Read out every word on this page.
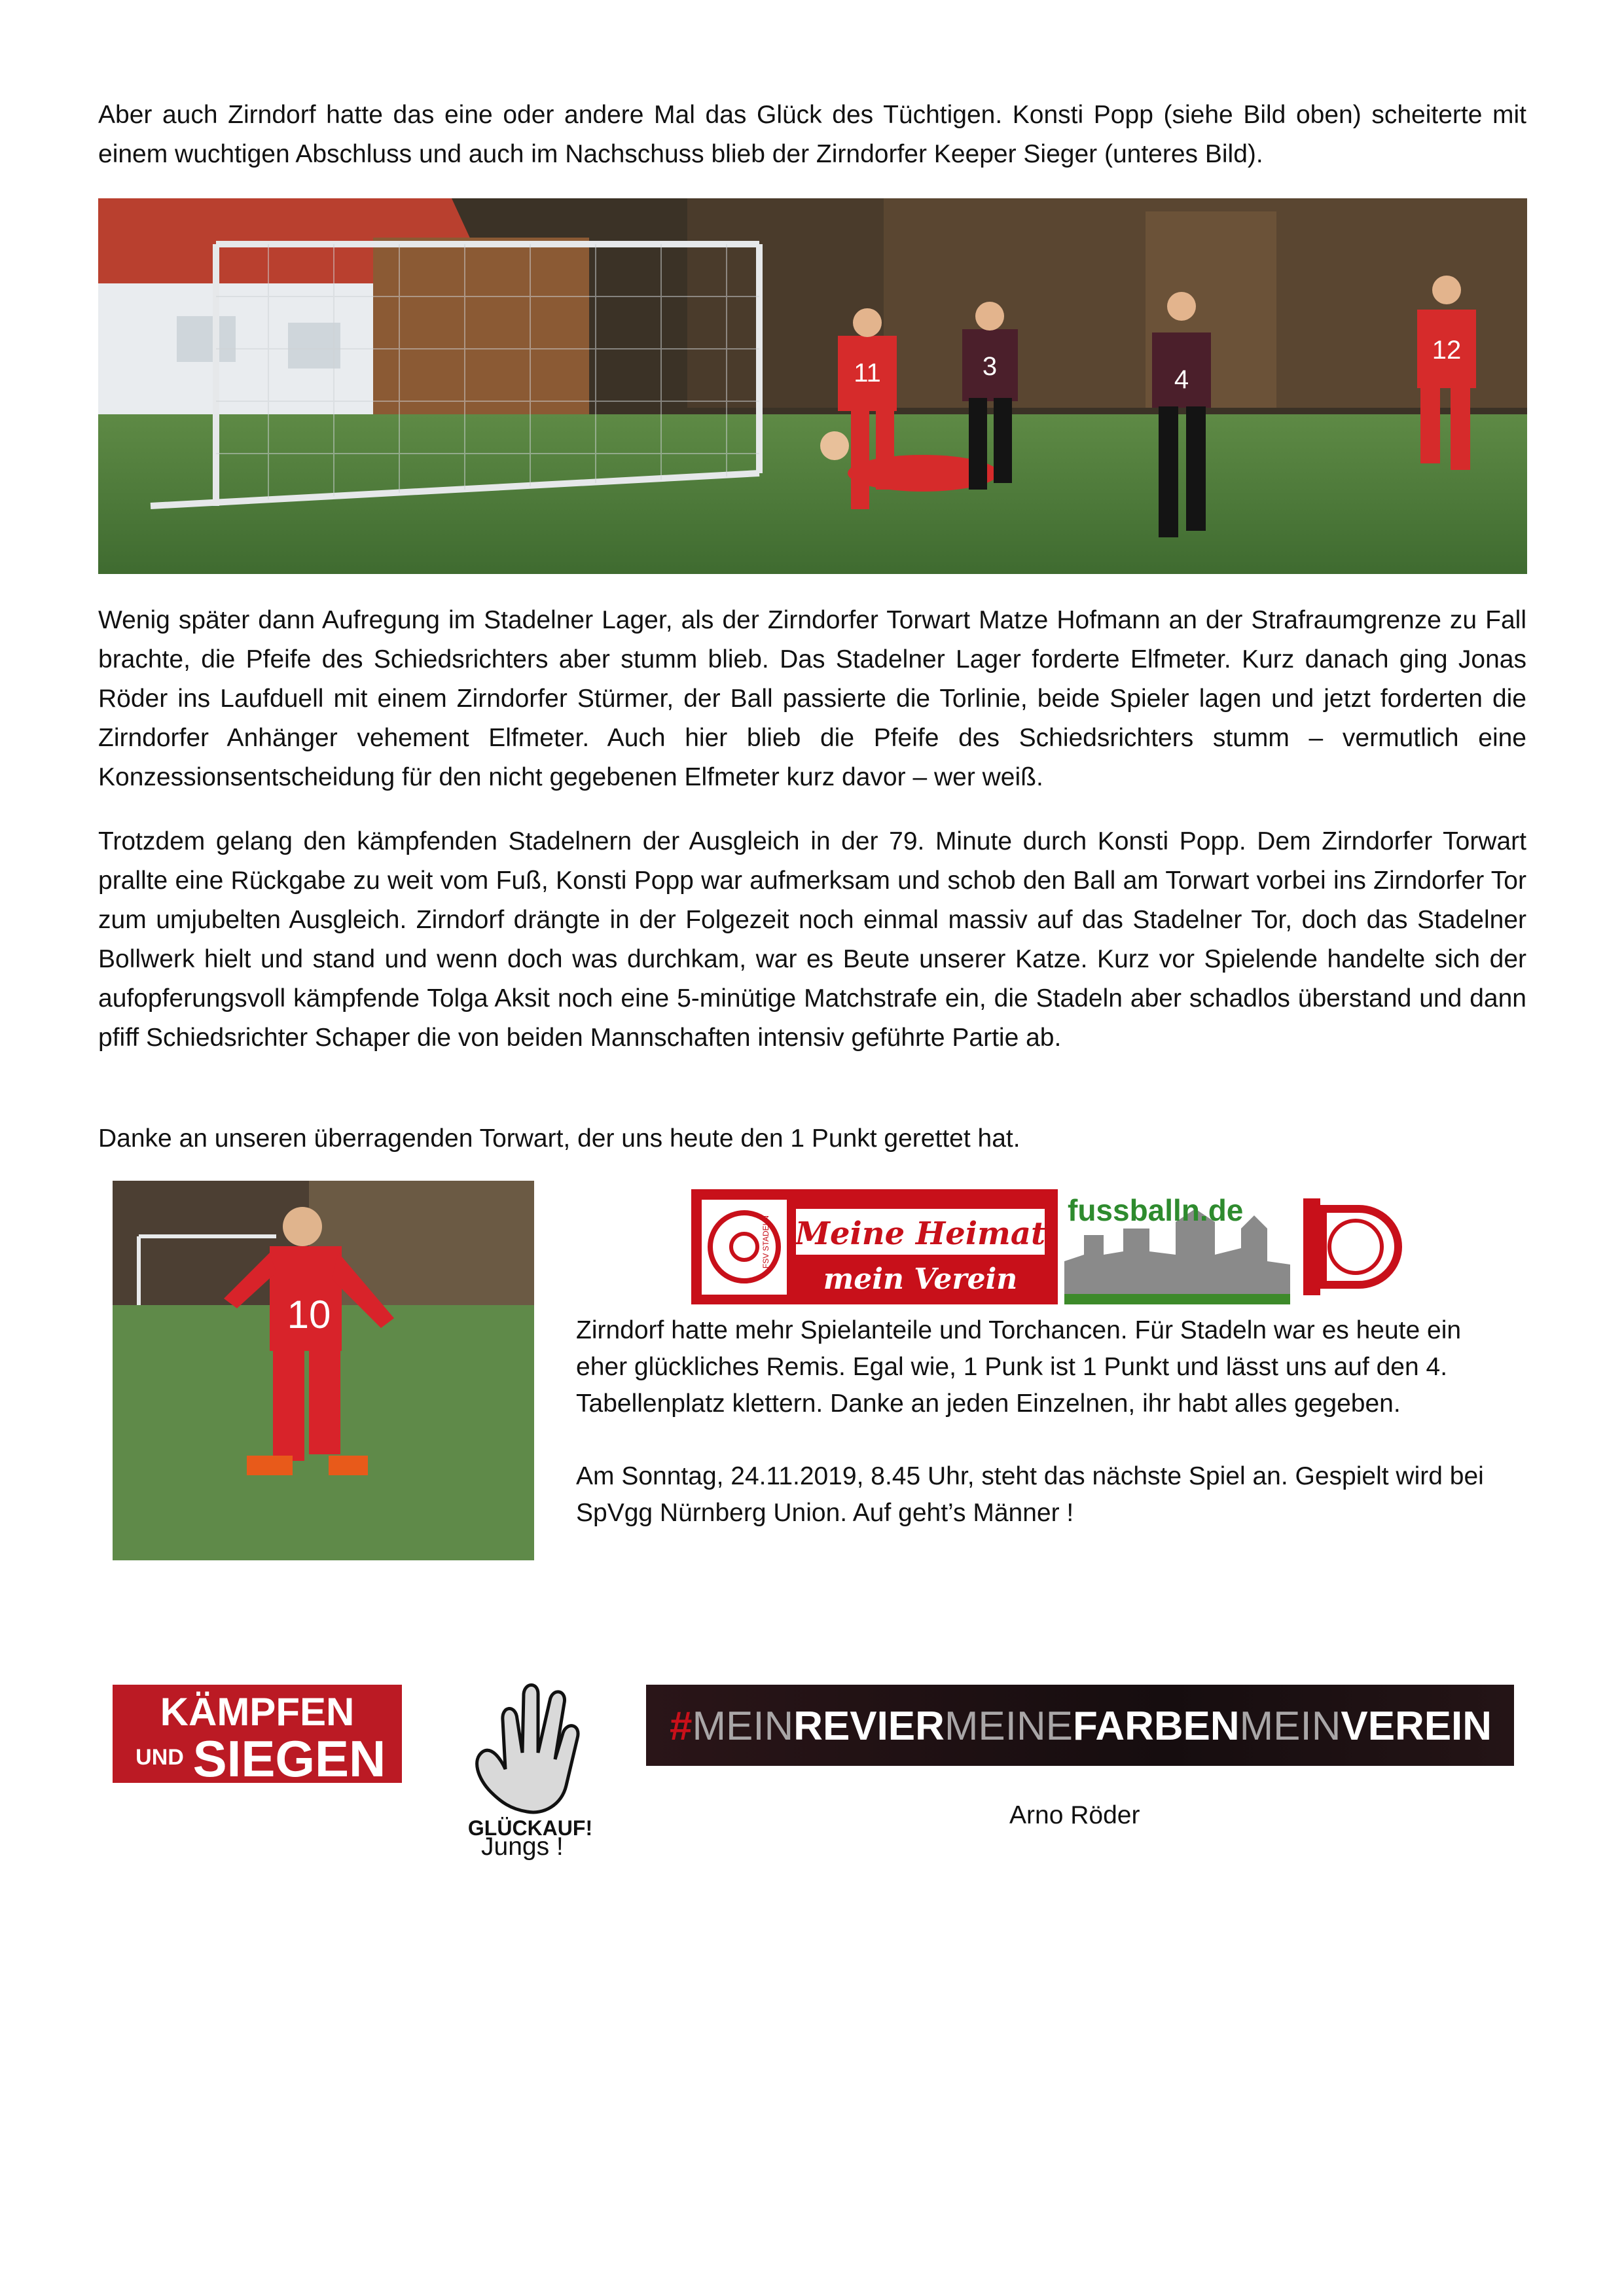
Aber auch Zirndorf hatte das eine oder andere Mal das Glück des Tüchtigen. Konsti Popp (siehe Bild oben) scheiterte mit einem wuchtigen Abschluss und auch im Nachschuss blieb der Zirndorfer Keeper Sieger (unteres Bild).

11	3	4
12

Wenig später dann Aufregung im Stadelner Lager, als der Zirndorfer Torwart Matze Hofmann an der Strafraumgrenze zu Fall brachte, die Pfeife des Schiedsrichters aber stumm blieb. Das Stadelner Lager forderte Elfmeter. Kurz danach ging Jonas Röder ins Laufduell mit einem Zirndorfer Stürmer, der Ball passierte die Torlinie, beide Spieler lagen und jetzt forderten die Zirndorfer Anhänger vehement Elfmeter. Auch hier blieb die Pfeife des Schiedsrichters stumm – vermutlich eine Konzessionsentscheidung für den nicht gegebenen Elfmeter kurz davor – wer weiß.

Trotzdem gelang den kämpfenden Stadelnern der Ausgleich in der 79. Minute durch Konsti Popp. Dem Zirndorfer Torwart prallte eine Rückgabe zu weit vom Fuß, Konsti Popp war aufmerksam und schob den Ball am Torwart vorbei ins Zirndorfer Tor zum umjubelten Ausgleich. Zirndorf drängte in der Folgezeit noch einmal massiv auf das Stadelner Tor, doch das Stadelner Bollwerk hielt und stand und wenn doch was durchkam, war es Beute unserer Katze. Kurz vor Spielende handelte sich der aufopferungsvoll kämpfende Tolga Aksit noch eine 5-minütige Matchstrafe ein, die Stadeln aber schadlos überstand und dann pfiff Schiedsrichter Schaper die von beiden Mannschaften intensiv geführte Partie ab.

Danke an unseren überragenden Torwart, der uns heute den 1 Punkt gerettet hat.

10
FSV STADELN Meine Heimat
mein Verein
fussballn.de

Zirndorf hatte mehr Spielanteile und Torchancen. Für Stadeln war es heute ein eher glückliches Remis. Egal wie, 1 Punk ist 1 Punkt und lässt uns auf den 4. Tabellenplatz klettern. Danke an jeden Einzelnen, ihr habt alles gegeben.

Am Sonntag, 24.11.2019, 8.45 Uhr, steht das nächste Spiel an. Gespielt wird bei SpVgg Nürnberg Union. Auf geht’s Männer !

KÄMPFEN
UND SIEGEN
GLÜCKAUF!
Jungs !
#MEINREVIERMEINEFARBENMEINVEREIN
Arno Röder
